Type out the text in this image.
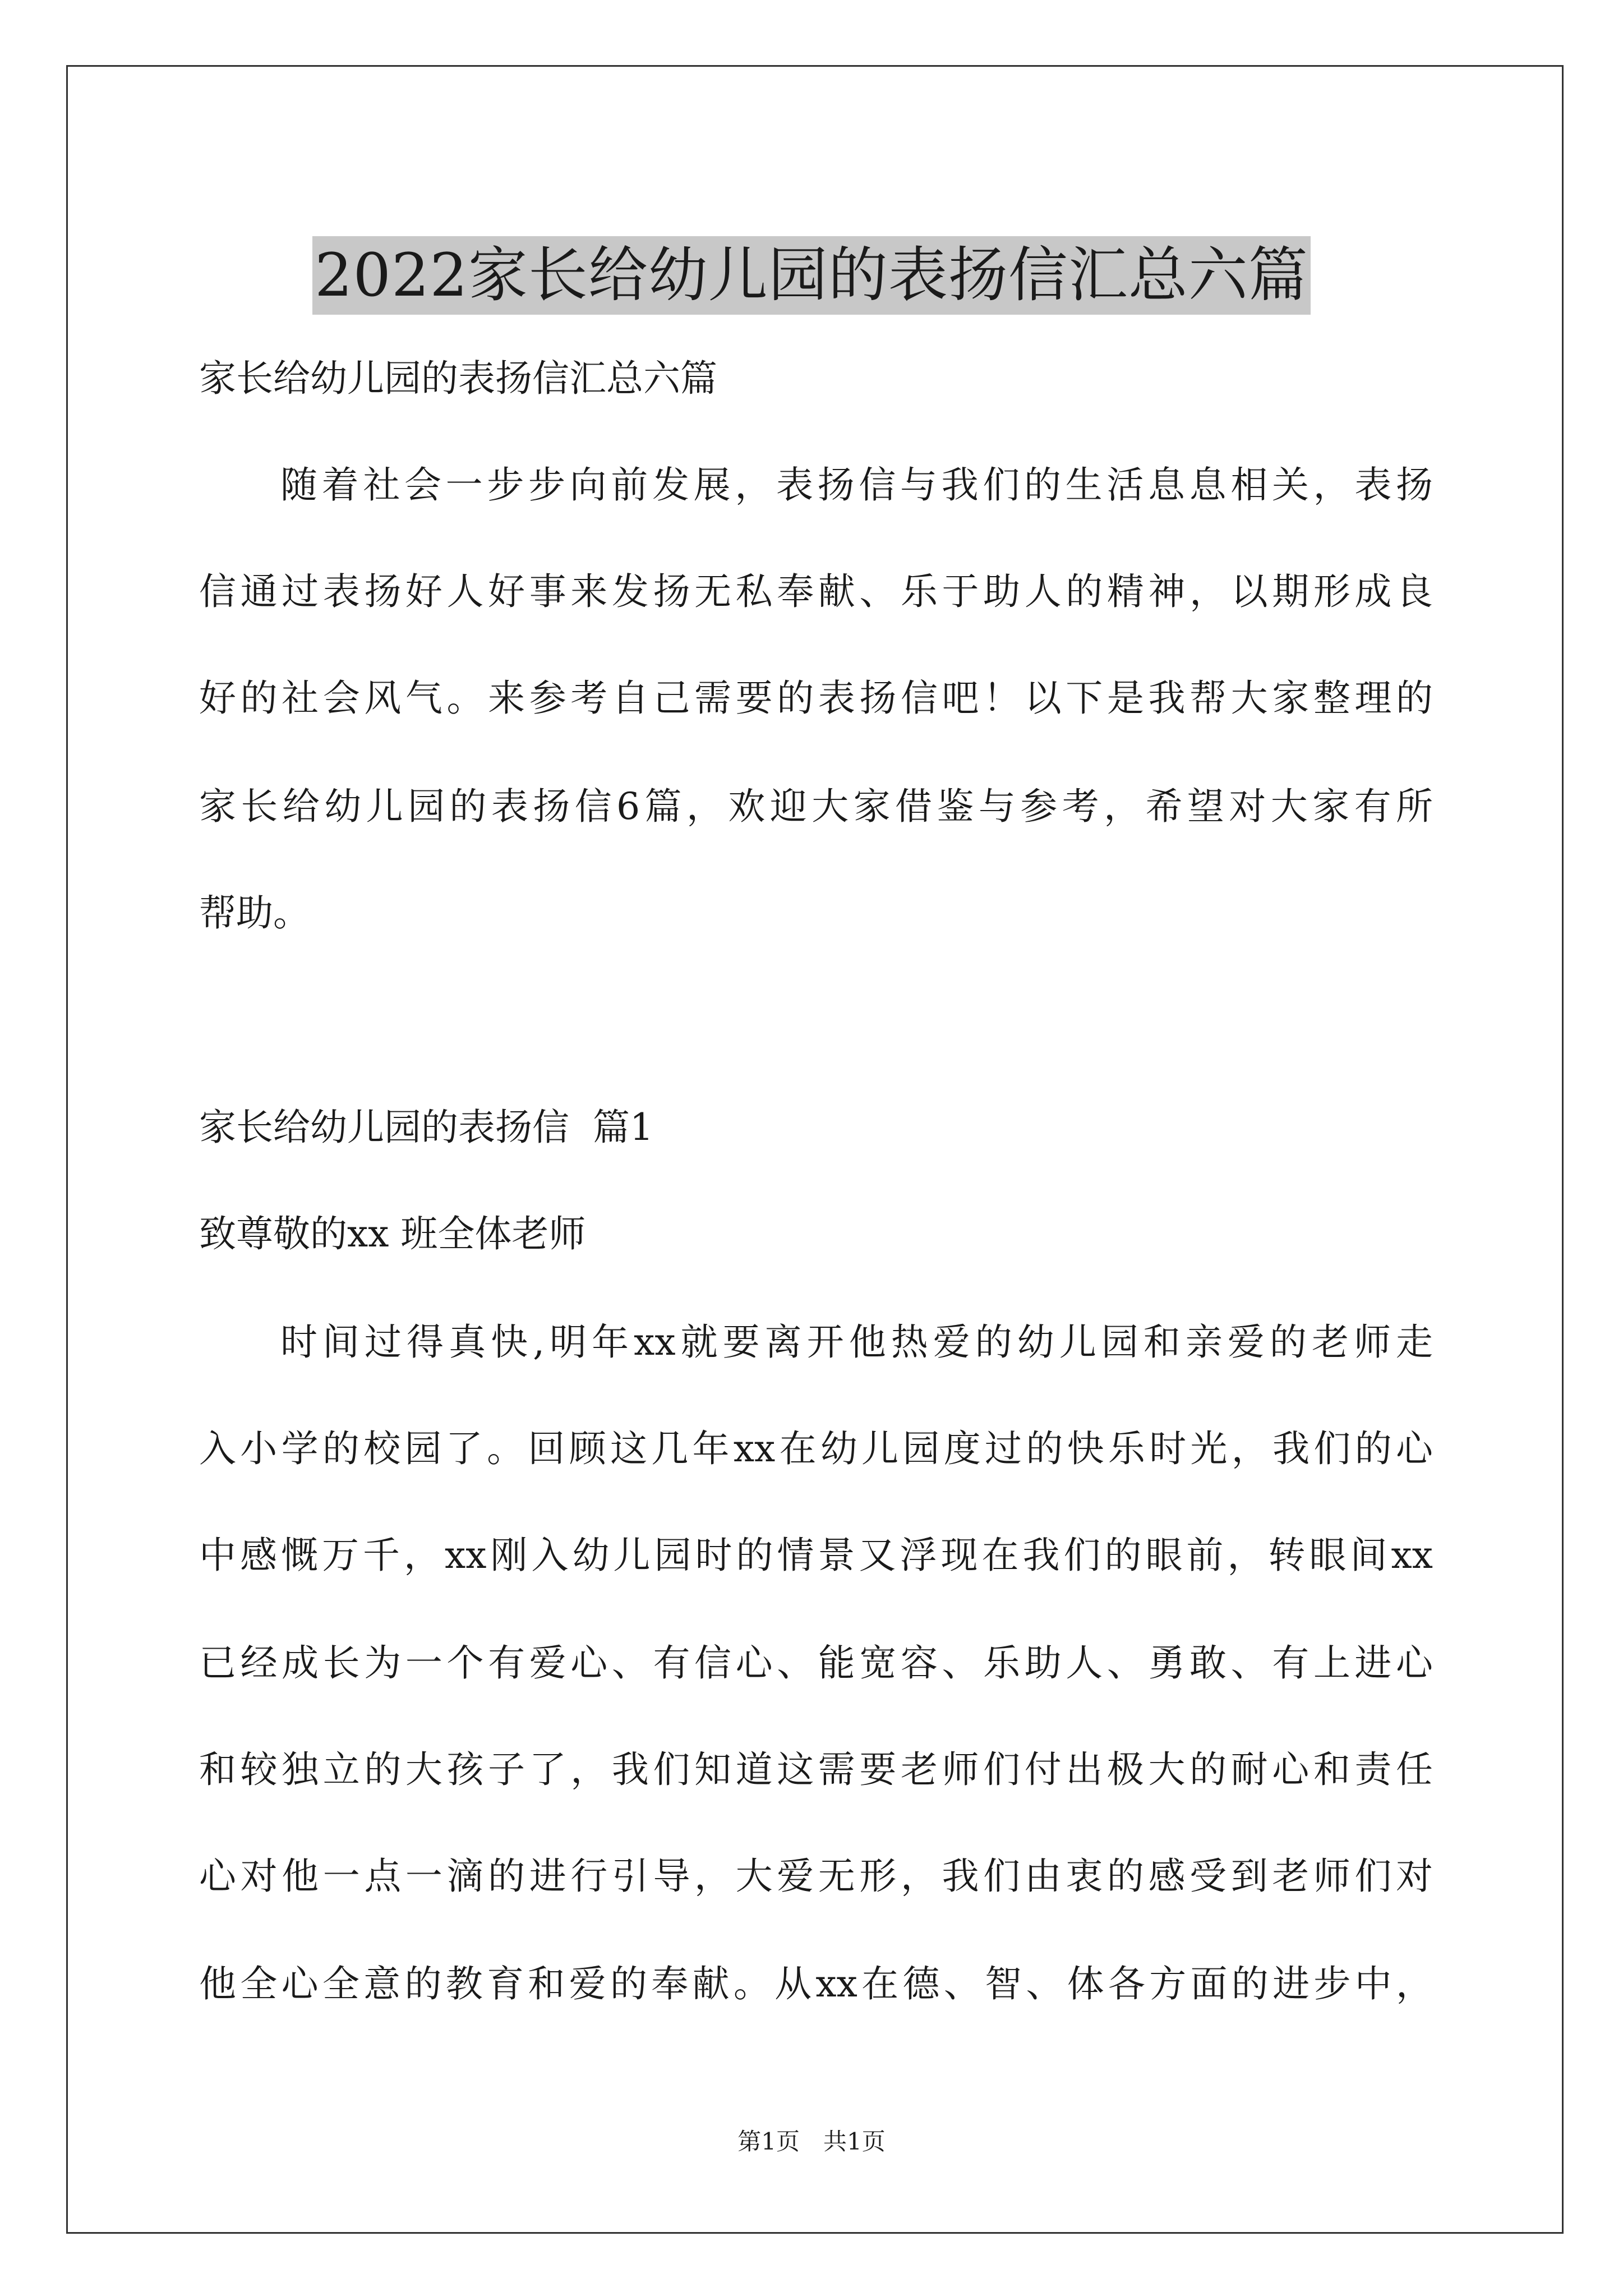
2022家长给幼儿园的表扬信汇总六篇
家长给幼儿园的表扬信汇总六篇
随着社会一步步向前发展，表扬信与我们的生活息息相关，表扬
信通过表扬好人好事来发扬无私奉献、乐于助人的精神，以期形成良
好的社会风气。来参考自己需要的表扬信吧！以下是我帮大家整理的
家长给幼儿园的表扬信6篇，欢迎大家借鉴与参考，希望对大家有所
帮助。
家长给幼儿园的表扬信  篇1
致尊敬的xx 班全体老师
时间过得真快,明年xx就要离开他热爱的幼儿园和亲爱的老师走
入小学的校园了。回顾这几年xx在幼儿园度过的快乐时光，我们的心
中感慨万千，xx刚入幼儿园时的情景又浮现在我们的眼前，转眼间xx
已经成长为一个有爱心、有信心、能宽容、乐助人、勇敢、有上进心
和较独立的大孩子了，我们知道这需要老师们付出极大的耐心和责任
心对他一点一滴的进行引导，大爱无形，我们由衷的感受到老师们对
他全心全意的教育和爱的奉献。从xx在德、智、体各方面的进步中，
第1页　共1页
